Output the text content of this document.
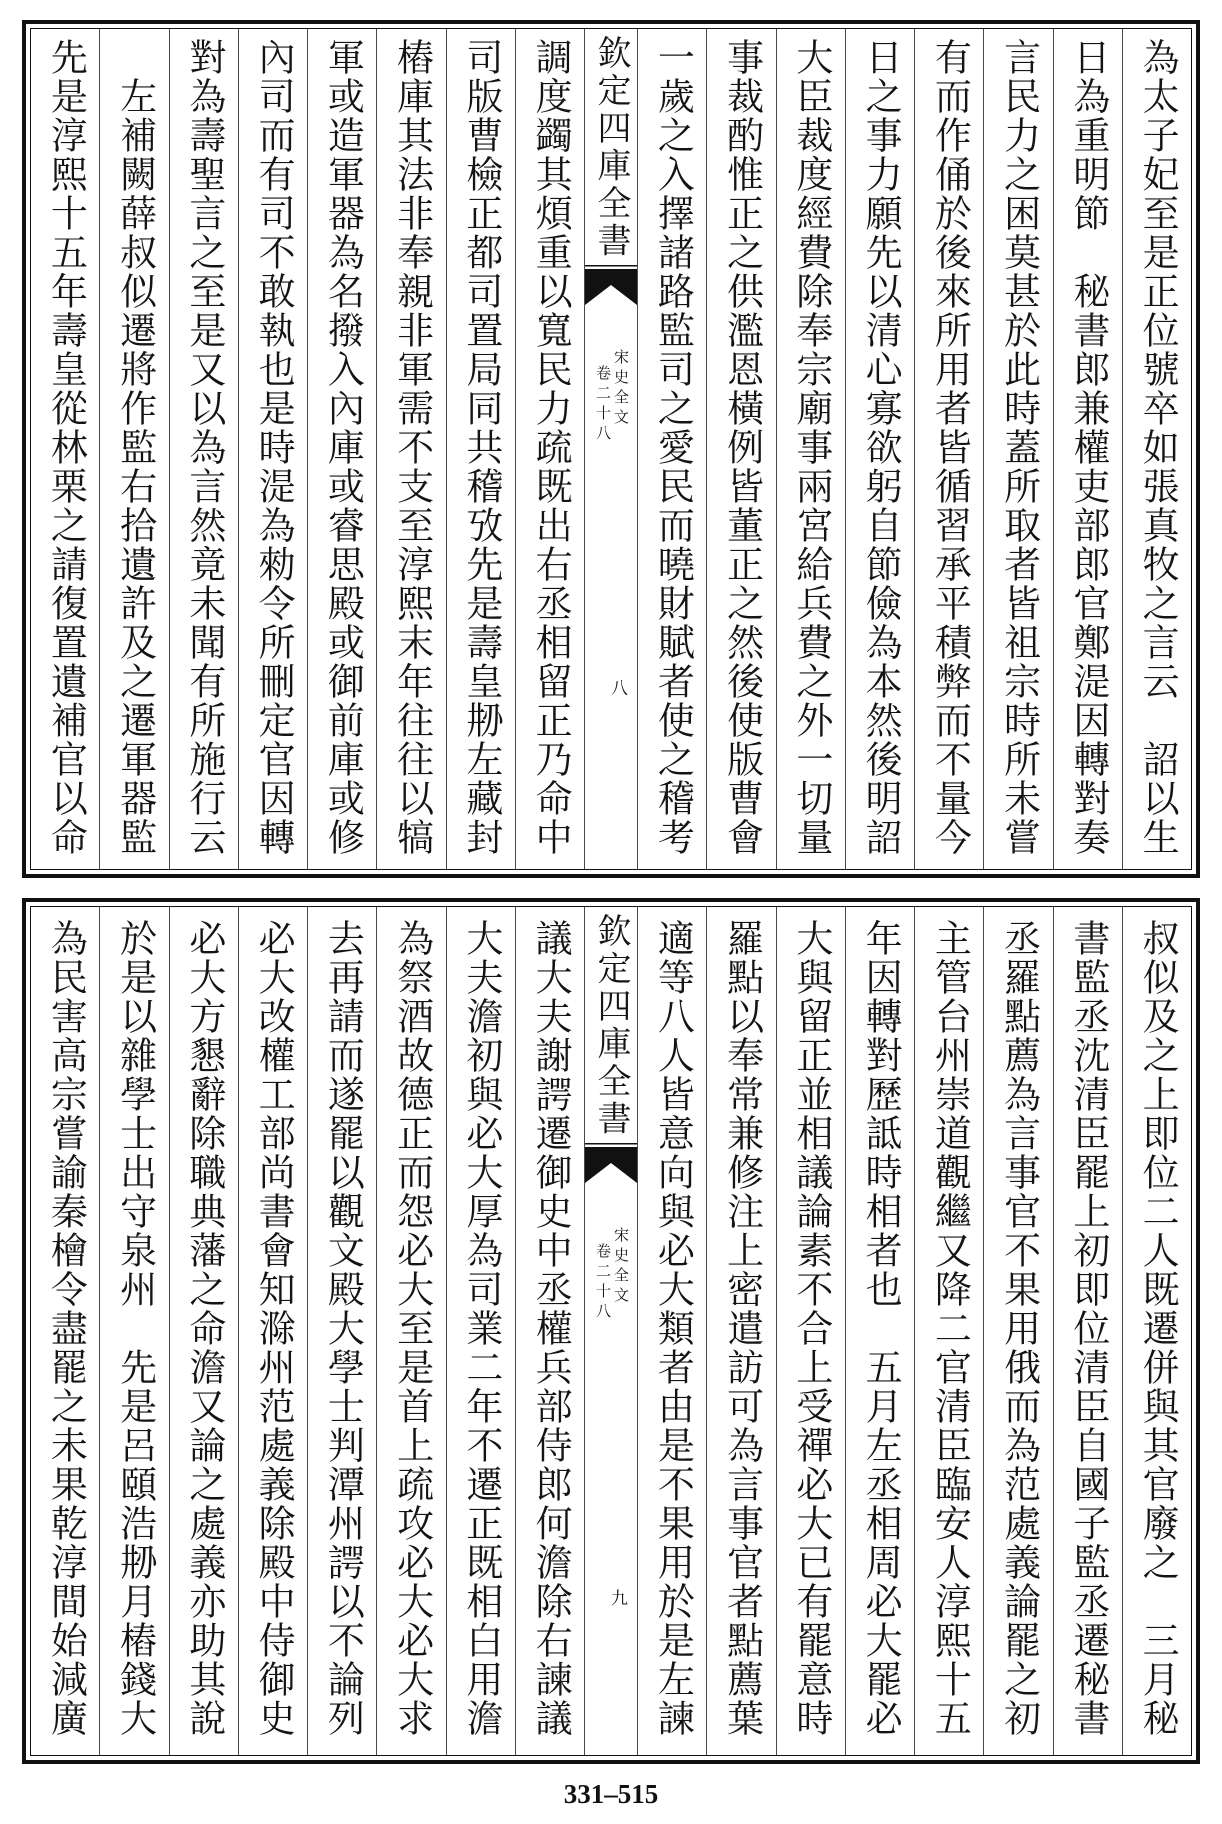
為太子妃至是正位號卒如張真牧之言云　詔以生
日為重明節　秘書郎兼權吏部郎官鄭湜因轉對奏
言民力之困莫甚於此時蓋所取者皆祖宗時所未嘗
有而作俑於後來所用者皆循習承平積弊而不量今
日之事力願先以清心寡欲躬自節儉為本然後明詔
大臣裁度經費除奉宗廟事兩宮給兵費之外一切量
事裁酌惟正之供濫恩橫例皆董正之然後使版曹會
一歲之入擇諸路監司之愛民而曉財賦者使之稽考
欽定四庫全書
宋史全文
卷二十八
八
調度蠲其煩重以寬民力疏既出右丞相留正乃命中
司版曹檢正都司置局同共稽攷先是壽皇刱左藏封
樁庫其法非奉親非軍需不支至淳熙末年往往以犒
軍或造軍器為名撥入內庫或睿思殿或御前庫或修
內司而有司不敢執也是時湜為勑令所刪定官因轉
對為壽聖言之至是又以為言然竟未聞有所施行云
　左補闕薛叔似遷將作監右拾遺許及之遷軍器監
先是淳熙十五年壽皇從林栗之請復置遺補官以命
叔似及之上即位二人既遷併與其官廢之　三月秘
書監丞沈清臣罷上初即位清臣自國子監丞遷秘書
丞羅點薦為言事官不果用俄而為范處義論罷之初
主管台州崇道觀繼又降二官清臣臨安人淳熙十五
年因轉對歷詆時相者也　五月左丞相周必大罷必
大與留正並相議論素不合上受禪必大已有罷意時
羅點以奉常兼修注上密遣訪可為言事官者點薦葉
適等八人皆意向與必大類者由是不果用於是左諫
欽定四庫全書
宋史全文
卷二十八
九
議大夫謝諤遷御史中丞權兵部侍郎何澹除右諫議
大夫澹初與必大厚為司業二年不遷正既相白用澹
為祭酒故德正而怨必大至是首上疏攻必大必大求
去再請而遂罷以觀文殿大學士判潭州諤以不論列
必大改權工部尚書會知滁州范處義除殿中侍御史
必大方懇辭除職典藩之命澹又論之處義亦助其說
於是以雜學士出守泉州　先是呂頤浩刱月樁錢大
為民害高宗嘗諭秦檜令盡罷之未果乾淳間始減廣
331–515
